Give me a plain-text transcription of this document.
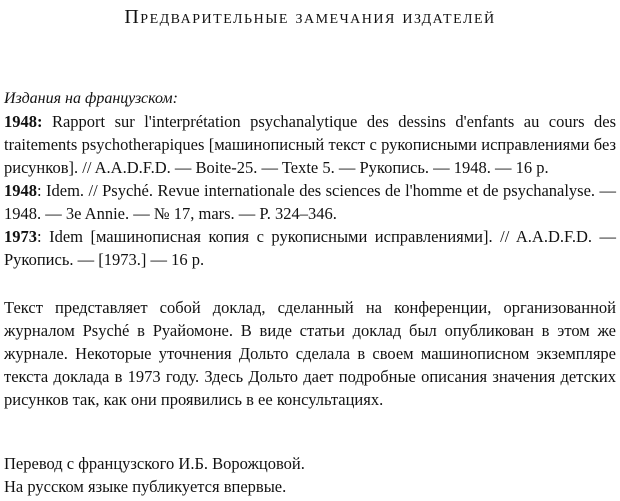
Предварительные замечания издателей
Издания на французском:
1948: Rapport sur l'interprétation psychanalytique des dessins d'enfants au cours des traitements psychotherapiques [машинописный текст с рукописными исправлениями без рисунков]. // A.A.D.F.D. — Boite-25. — Texte 5. — Рукопись. — 1948. — 16 p.
1948: Idem. // Psyché. Revue internationale des sciences de l'homme et de psychanalyse. — 1948. — 3e Annie. — № 17, mars. — P. 324–346.
1973: Idem [машинописная копия с рукописными исправлениями]. // A.A.D.F.D. — Рукопись. — [1973.] — 16 p.
Текст представляет собой доклад, сделанный на конференции, организованной журналом Psyché в Руайомоне. В виде статьи доклад был опубликован в этом же журнале. Некоторые уточнения Дольто сделала в своем машинописном экземпляре текста доклада в 1973 году. Здесь Дольто дает подробные описания значения детских рисунков так, как они проявились в ее консультациях.
Перевод с французского И.Б. Ворожцовой.
На русском языке публикуется впервые.
